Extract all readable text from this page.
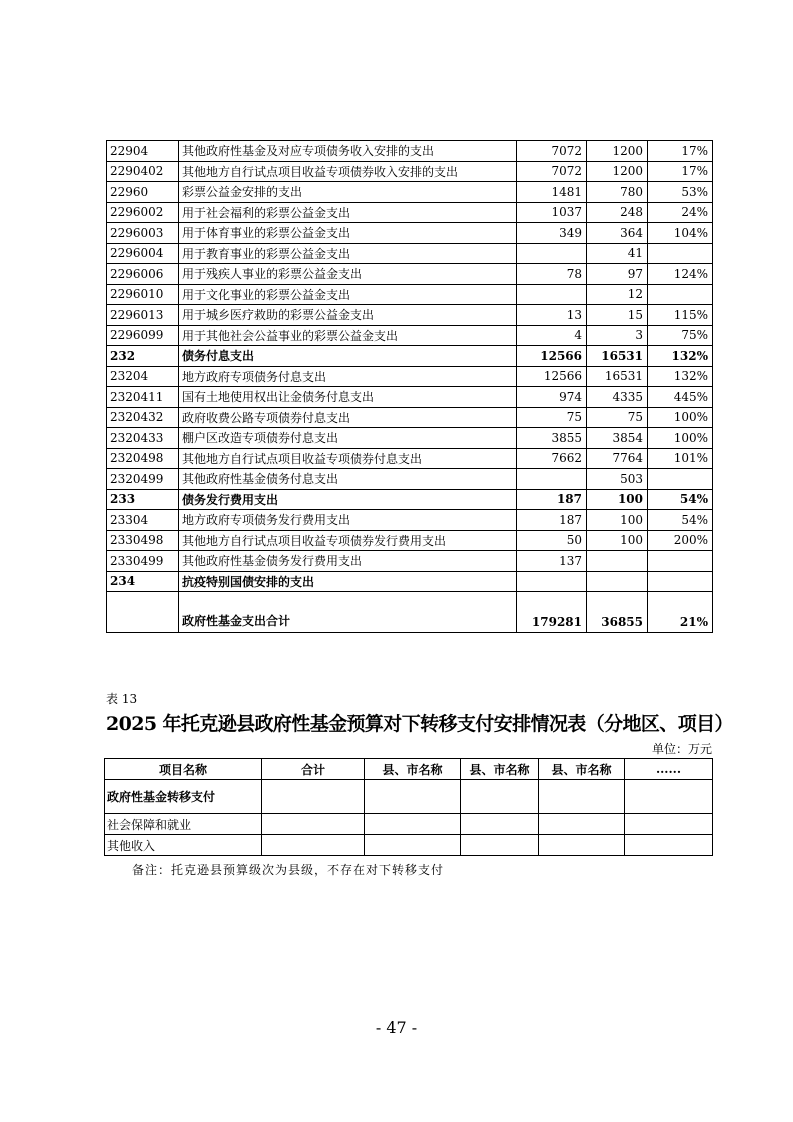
22904	其他政府性基金及对应专项债务收入安排的支出	7072	1200	17%
2290402	其他地方自行试点项目收益专项债券收入安排的支出	7072	1200	17%
22960	彩票公益金安排的支出	1481	780	53%
2296002	用于社会福利的彩票公益金支出	1037	248	24%
2296003	用于体育事业的彩票公益金支出	349	364	104%
2296004	用于教育事业的彩票公益金支出		41	
2296006	用于残疾人事业的彩票公益金支出	78	97	124%
2296010	用于文化事业的彩票公益金支出		12	
2296013	用于城乡医疗救助的彩票公益金支出	13	15	115%
2296099	用于其他社会公益事业的彩票公益金支出	4	3	75%
232	债务付息支出	12566	16531	132%
23204	地方政府专项债务付息支出	12566	16531	132%
2320411	国有土地使用权出让金债务付息支出	974	4335	445%
2320432	政府收费公路专项债券付息支出	75	75	100%
2320433	棚户区改造专项债券付息支出	3855	3854	100%
2320498	其他地方自行试点项目收益专项债券付息支出	7662	7764	101%
2320499	其他政府性基金债务付息支出		503	
233	债务发行费用支出	187	100	54%
23304	地方政府专项债务发行费用支出	187	100	54%
2330498	其他地方自行试点项目收益专项债券发行费用支出	50	100	200%
2330499	其他政府性基金债务发行费用支出	137		
234	抗疫特别国债安排的支出			
	政府性基金支出合计	179281	36855	21%
表 13
2025 年托克逊县政府性基金预算对下转移支付安排情况表（分地区、项目）
单位：万元
项目名称	合计	县、市名称	县、市名称	县、市名称	......
政府性基金转移支付					
社会保障和就业					
其他收入					
备注：托克逊县预算级次为县级，不存在对下转移支付
- 47 -
